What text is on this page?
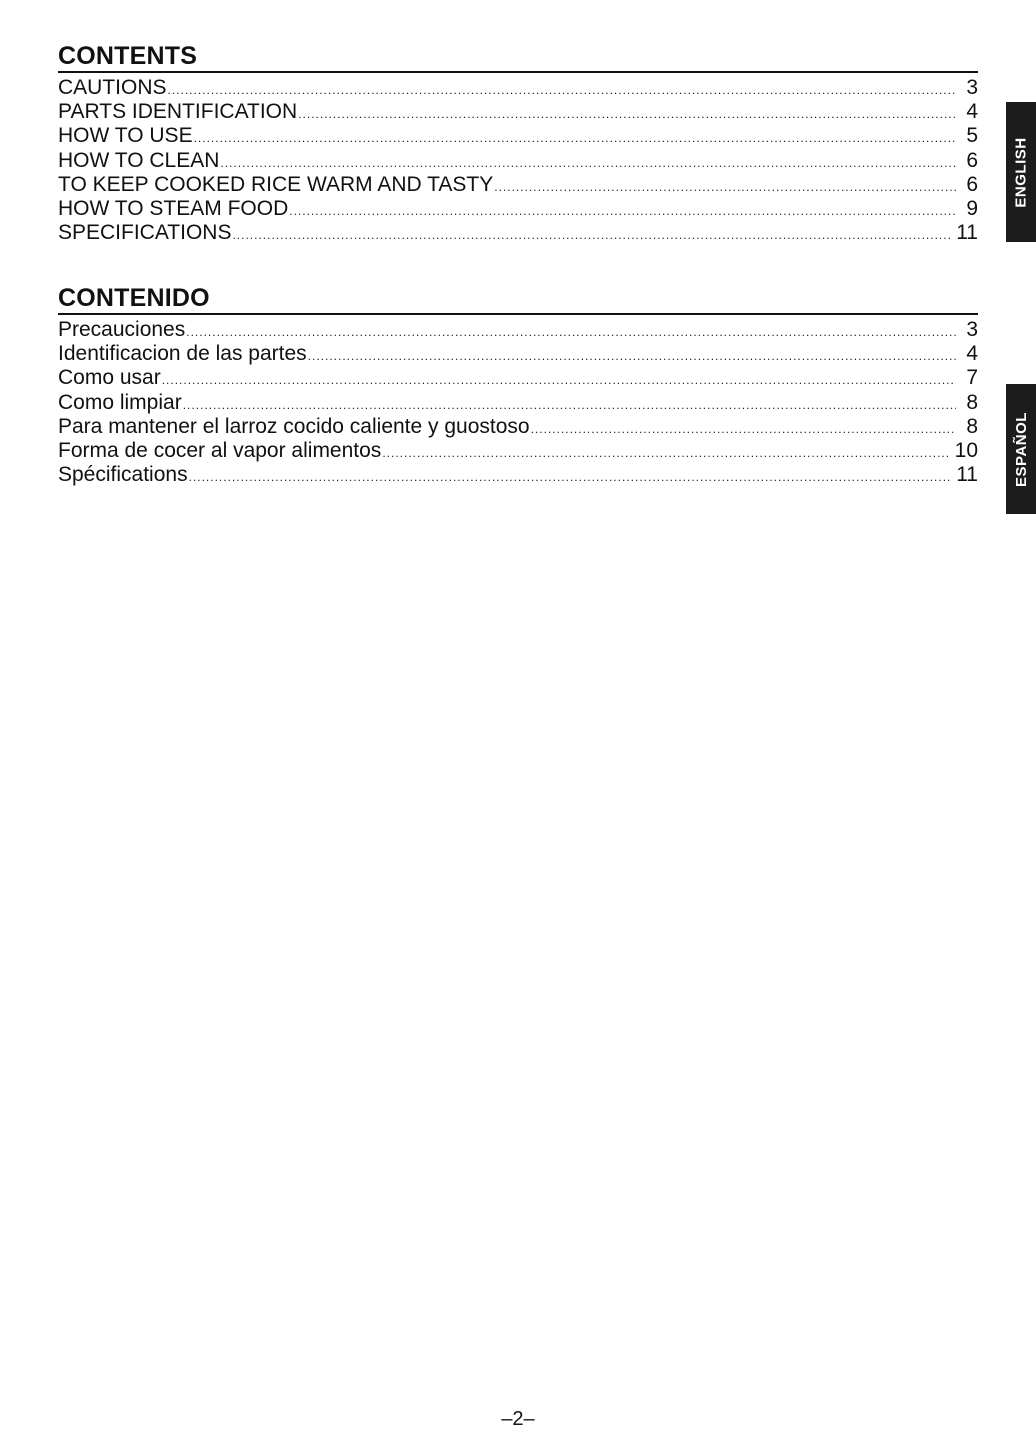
CONTENTS
CAUTIONS .....	3
PARTS IDENTIFICATION .....	4
HOW TO USE .....	5
HOW TO CLEAN .....	6
TO KEEP COOKED RICE WARM AND TASTY .....	6
HOW TO STEAM FOOD .....	9
SPECIFICATIONS .....	11
CONTENIDO
Precauciones .....	3
Identificacion de las partes .....	4
Como usar .....	7
Como limpiar .....	8
Para mantener el larroz cocido caliente y guostoso .....	8
Forma de cocer al vapor alimentos .....	10
Spécifications .....	11
ENGLISH
ESPAÑOL
–2–
